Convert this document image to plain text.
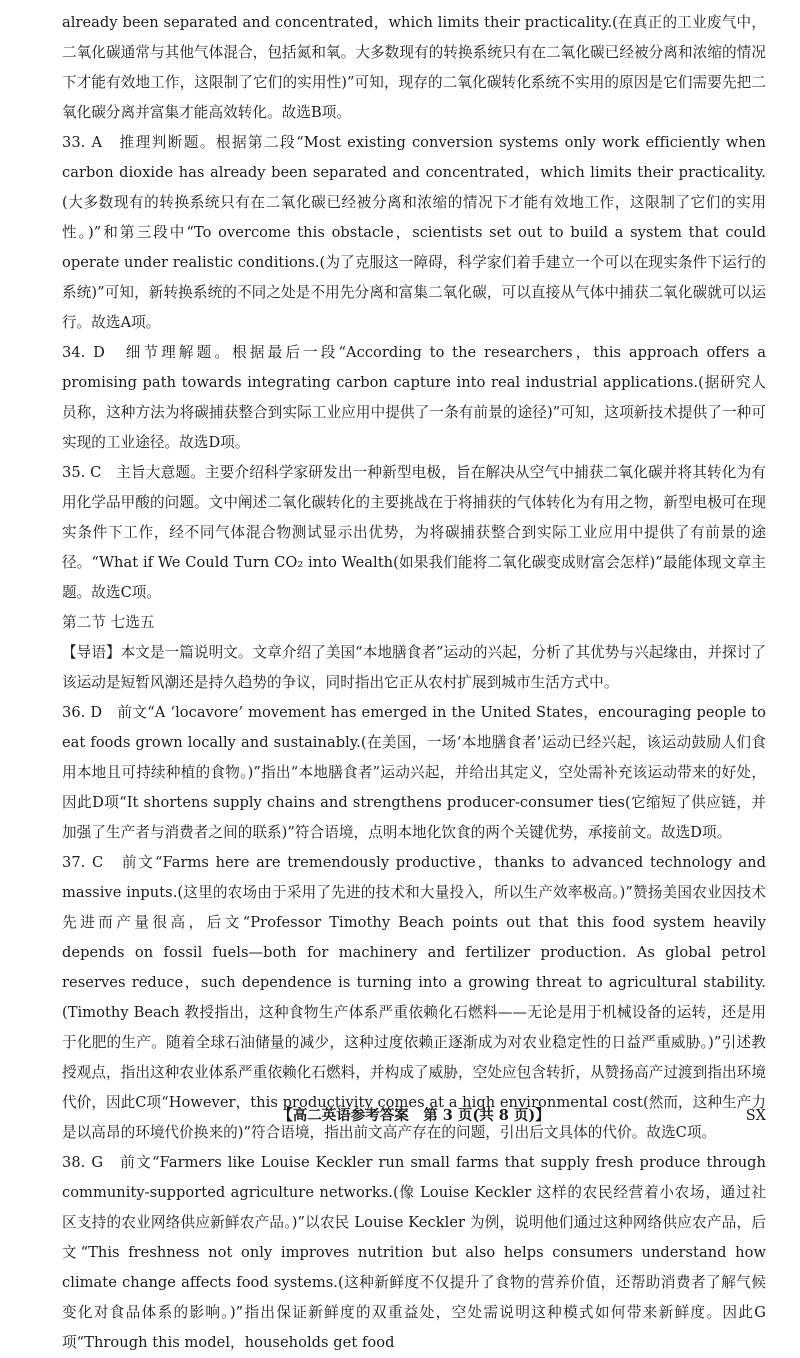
already been separated and concentrated，which limits their practicality.(在真正的工业废气中，二氧化碳通常与其他气体混合，包括氮和氧。大多数现有的转换系统只有在二氧化碳已经被分离和浓缩的情况下才能有效地工作，这限制了它们的实用性)”可知，现存的二氧化碳转化系统不实用的原因是它们需要先把二氧化碳分离并富集才能高效转化。故选B项。

33. A　推理判断题。根据第二段“Most existing conversion systems only work efficiently when carbon dioxide has already been separated and concentrated，which limits their practicality.(大多数现有的转换系统只有在二氧化碳已经被分离和浓缩的情况下才能有效地工作，这限制了它们的实用性。)”和第三段中“To overcome this obstacle，scientists set out to build a system that could operate under realistic conditions.(为了克服这一障碍，科学家们着手建立一个可以在现实条件下运行的系统)”可知，新转换系统的不同之处是不用先分离和富集二氧化碳，可以直接从气体中捕获二氧化碳就可以运行。故选A项。

34. D　细节理解题。根据最后一段“According to the researchers，this approach offers a promising path towards integrating carbon capture into real industrial applications.(据研究人员称，这种方法为将碳捕获整合到实际工业应用中提供了一条有前景的途径)”可知，这项新技术提供了一种可实现的工业途径。故选D项。

35. C　主旨大意题。主要介绍科学家研发出一种新型电极，旨在解决从空气中捕获二氧化碳并将其转化为有用化学品甲酸的问题。文中阐述二氧化碳转化的主要挑战在于将捕获的气体转化为有用之物，新型电极可在现实条件下工作，经不同气体混合物测试显示出优势，为将碳捕获整合到实际工业应用中提供了有前景的途径。“What if We Could Turn CO₂ into Wealth(如果我们能将二氧化碳变成财富会怎样)”最能体现文章主题。故选C项。

第二节 七选五

【导语】本文是一篇说明文。文章介绍了美国“本地膳食者”运动的兴起，分析了其优势与兴起缘由，并探讨了该运动是短暂风潮还是持久趋势的争议，同时指出它正从农村扩展到城市生活方式中。

36. D　前文“A ‘locavore’ movement has emerged in the United States，encouraging people to eat foods grown locally and sustainably.(在美国，一场‘本地膳食者’运动已经兴起，该运动鼓励人们食用本地且可持续种植的食物。)”指出“本地膳食者”运动兴起，并给出其定义，空处需补充该运动带来的好处，因此D项“It shortens supply chains and strengthens producer-consumer ties(它缩短了供应链，并加强了生产者与消费者之间的联系)”符合语境，点明本地化饮食的两个关键优势，承接前文。故选D项。

37. C　前文“Farms here are tremendously productive，thanks to advanced technology and massive inputs.(这里的农场由于采用了先进的技术和大量投入，所以生产效率极高。)”赞扬美国农业因技术先进而产量很高，后文“Professor Timothy Beach points out that this food system heavily depends on fossil fuels—both for machinery and fertilizer production. As global petrol reserves reduce，such dependence is turning into a growing threat to agricultural stability.(Timothy Beach 教授指出，这种食物生产体系严重依赖化石燃料——无论是用于机械设备的运转，还是用于化肥的生产。随着全球石油储量的减少，这种过度依赖正逐渐成为对农业稳定性的日益严重威胁。)”引述教授观点，指出这种农业体系严重依赖化石燃料，并构成了威胁，空处应包含转折，从赞扬高产过渡到指出环境代价，因此C项“However，this productivity comes at a high environmental cost(然而，这种生产力是以高昂的环境代价换来的)”符合语境，指出前文高产存在的问题，引出后文具体的代价。故选C项。

38. G　前文“Farmers like Louise Keckler run small farms that supply fresh produce through community-supported agriculture networks.(像 Louise Keckler 这样的农民经营着小农场，通过社区支持的农业网络供应新鲜农产品。)”以农民 Louise Keckler 为例，说明他们通过这种网络供应农产品，后文“This freshness not only improves nutrition but also helps consumers understand how climate change affects food systems.(这种新鲜度不仅提升了食物的营养价值，还帮助消费者了解气候变化对食品体系的影响。)”指出保证新鲜度的双重益处，空处需说明这种模式如何带来新鲜度。因此G项“Through this model，households get food

【高二英语参考答案　第 3 页(共 8 页)】	SX
